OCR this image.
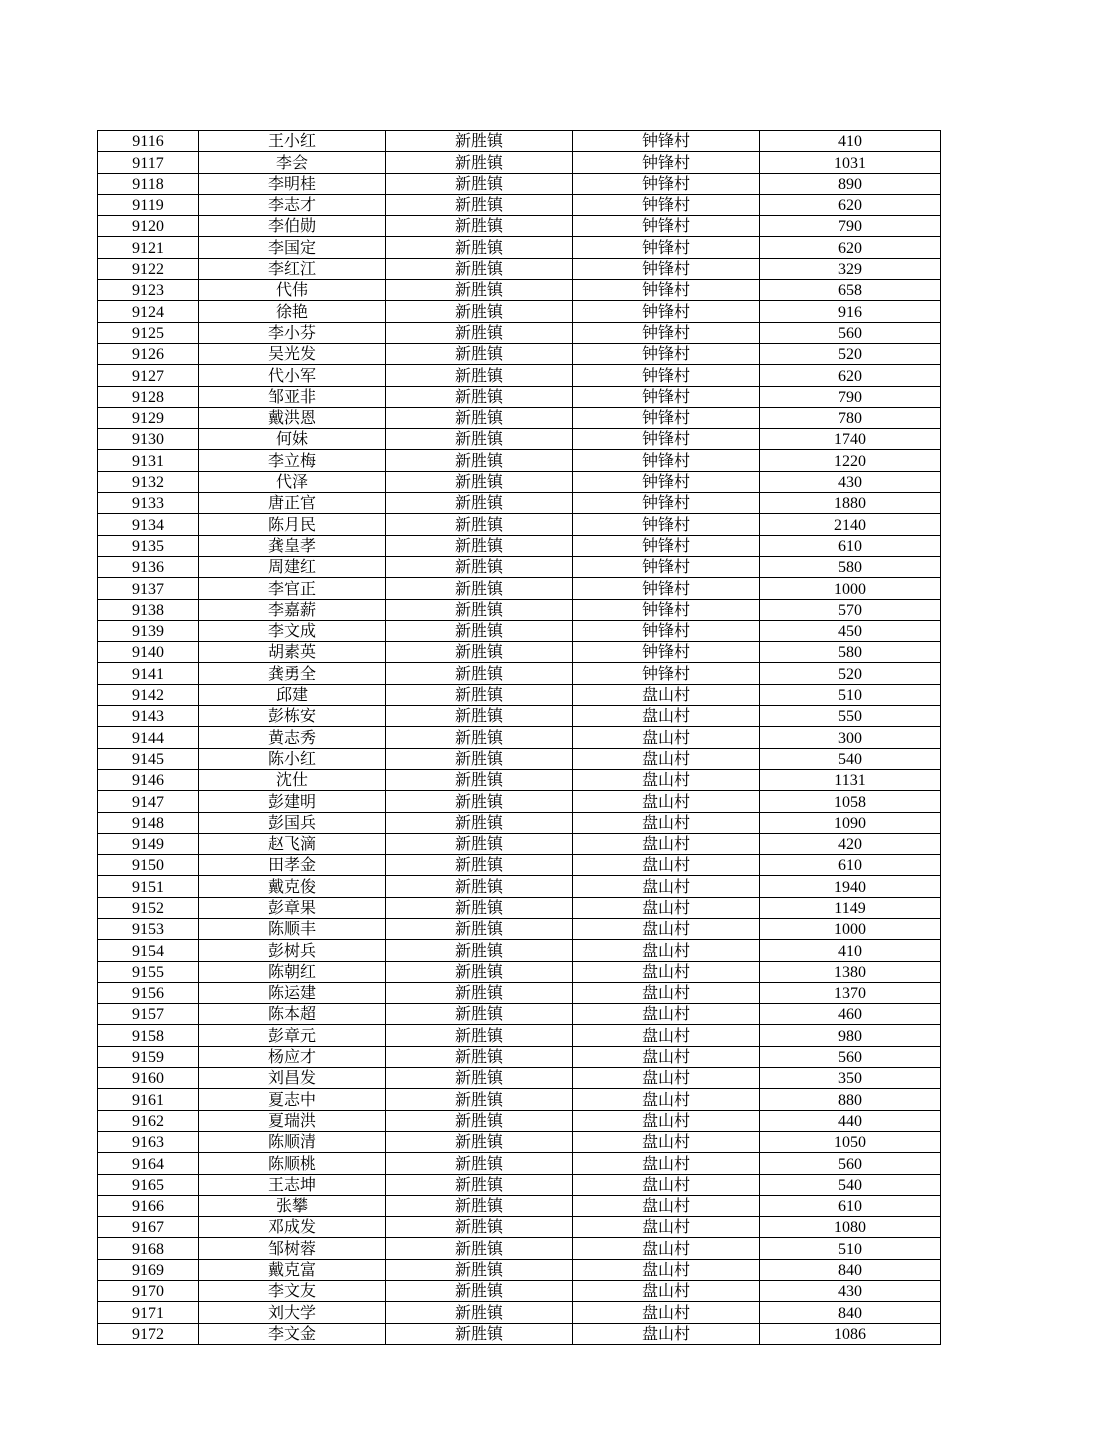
9116	王小红	新胜镇	钟锋村	410
9117	李会	新胜镇	钟锋村	1031
9118	李明桂	新胜镇	钟锋村	890
9119	李志才	新胜镇	钟锋村	620
9120	李伯勋	新胜镇	钟锋村	790
9121	李国定	新胜镇	钟锋村	620
9122	李红江	新胜镇	钟锋村	329
9123	代伟	新胜镇	钟锋村	658
9124	徐艳	新胜镇	钟锋村	916
9125	李小芬	新胜镇	钟锋村	560
9126	吴光发	新胜镇	钟锋村	520
9127	代小军	新胜镇	钟锋村	620
9128	邹亚非	新胜镇	钟锋村	790
9129	戴洪恩	新胜镇	钟锋村	780
9130	何妹	新胜镇	钟锋村	1740
9131	李立梅	新胜镇	钟锋村	1220
9132	代泽	新胜镇	钟锋村	430
9133	唐正官	新胜镇	钟锋村	1880
9134	陈月民	新胜镇	钟锋村	2140
9135	龚皇孝	新胜镇	钟锋村	610
9136	周建红	新胜镇	钟锋村	580
9137	李官正	新胜镇	钟锋村	1000
9138	李嘉薪	新胜镇	钟锋村	570
9139	李文成	新胜镇	钟锋村	450
9140	胡素英	新胜镇	钟锋村	580
9141	龚勇全	新胜镇	钟锋村	520
9142	邱建	新胜镇	盘山村	510
9143	彭栋安	新胜镇	盘山村	550
9144	黄志秀	新胜镇	盘山村	300
9145	陈小红	新胜镇	盘山村	540
9146	沈仕	新胜镇	盘山村	1131
9147	彭建明	新胜镇	盘山村	1058
9148	彭国兵	新胜镇	盘山村	1090
9149	赵飞滴	新胜镇	盘山村	420
9150	田孝金	新胜镇	盘山村	610
9151	戴克俊	新胜镇	盘山村	1940
9152	彭章果	新胜镇	盘山村	1149
9153	陈顺丰	新胜镇	盘山村	1000
9154	彭树兵	新胜镇	盘山村	410
9155	陈朝红	新胜镇	盘山村	1380
9156	陈运建	新胜镇	盘山村	1370
9157	陈本超	新胜镇	盘山村	460
9158	彭章元	新胜镇	盘山村	980
9159	杨应才	新胜镇	盘山村	560
9160	刘昌发	新胜镇	盘山村	350
9161	夏志中	新胜镇	盘山村	880
9162	夏瑞洪	新胜镇	盘山村	440
9163	陈顺清	新胜镇	盘山村	1050
9164	陈顺桃	新胜镇	盘山村	560
9165	王志坤	新胜镇	盘山村	540
9166	张攀	新胜镇	盘山村	610
9167	邓成发	新胜镇	盘山村	1080
9168	邹树蓉	新胜镇	盘山村	510
9169	戴克富	新胜镇	盘山村	840
9170	李文友	新胜镇	盘山村	430
9171	刘大学	新胜镇	盘山村	840
9172	李文金	新胜镇	盘山村	1086
